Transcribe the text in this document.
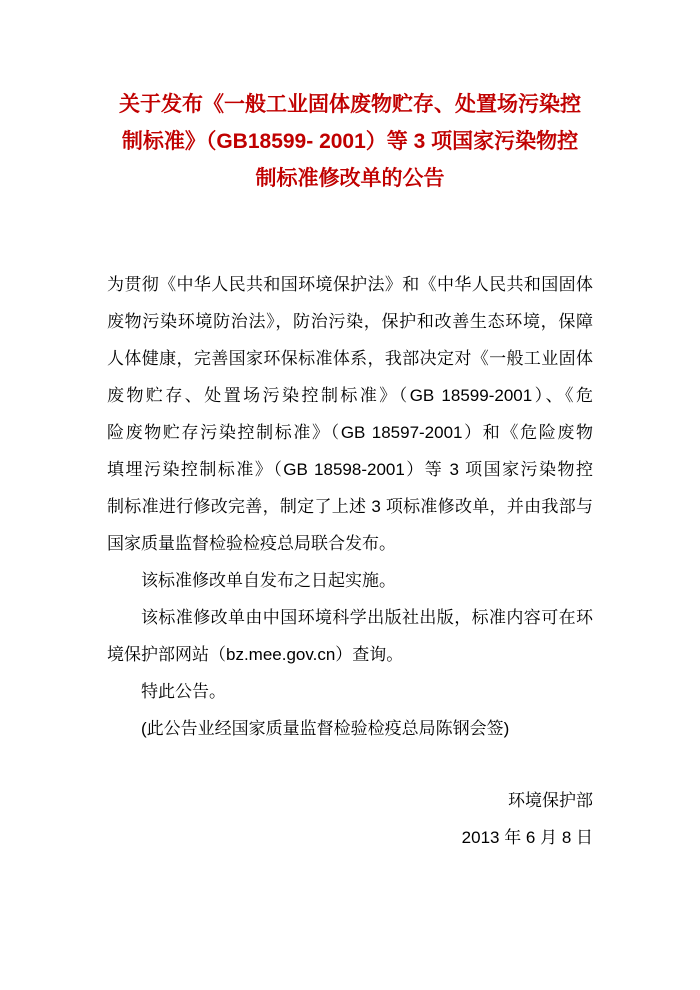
关于发布《一般工业固体废物贮存、处置场污染控
制标准》（GB18599- 2001）等 3 项国家污染物控
制标准修改单的公告
为贯彻《中华人民共和国环境保护法》和《中华人民共和国固体
废物污染环境防治法》，防治污染，保护和改善生态环境，保障
人体健康，完善国家环保标准体系，我部决定对《一般工业固体
废物贮存、处置场污染控制标准》（GB 18599-2001）、《危
险废物贮存污染控制标准》（GB 18597-2001）和《危险废物
填埋污染控制标准》（GB 18598-2001）等 3 项国家污染物控
制标准进行修改完善，制定了上述 3 项标准修改单，并由我部与
国家质量监督检验检疫总局联合发布。
该标准修改单自发布之日起实施。
该标准修改单由中国环境科学出版社出版，标准内容可在环
境保护部网站（bz.mee.gov.cn）查询。
特此公告。
(此公告业经国家质量监督检验检疫总局陈钢会签)
环境保护部
2013 年 6 月 8 日
